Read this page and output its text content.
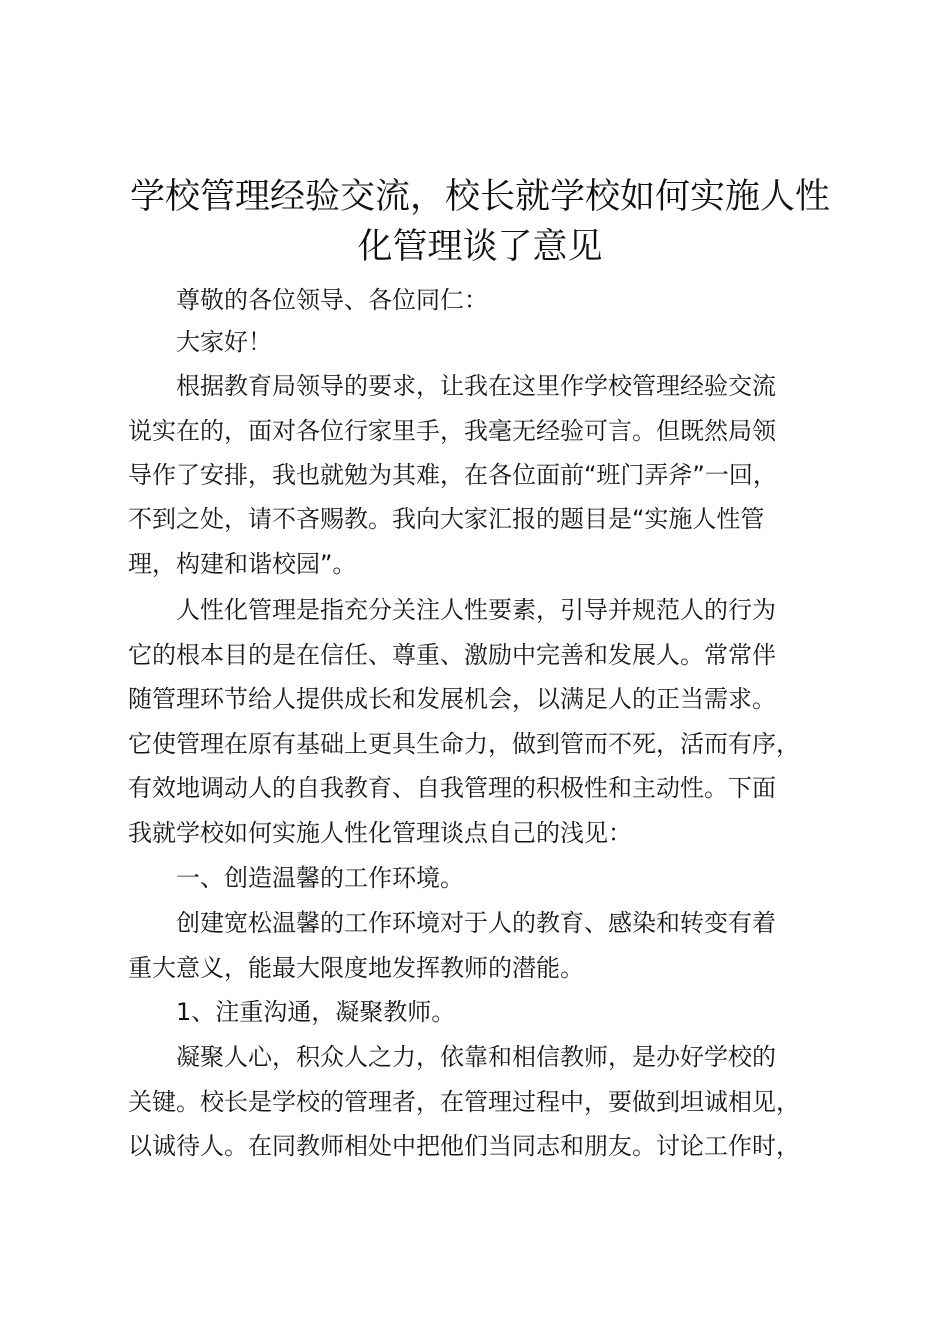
学校管理经验交流，校长就学校如何实施人性
化管理谈了意见
尊敬的各位领导、各位同仁：
大家好！
根据教育局领导的要求，让我在这里作学校管理经验交流
说实在的，面对各位行家里手，我毫无经验可言。但既然局领
导作了安排，我也就勉为其难，在各位面前“班门弄斧”一回，
不到之处，请不吝赐教。我向大家汇报的题目是“实施人性管
理，构建和谐校园”。
人性化管理是指充分关注人性要素，引导并规范人的行为
它的根本目的是在信任、尊重、激励中完善和发展人。常常伴
随管理环节给人提供成长和发展机会，以满足人的正当需求。
它使管理在原有基础上更具生命力，做到管而不死，活而有序，
有效地调动人的自我教育、自我管理的积极性和主动性。下面
我就学校如何实施人性化管理谈点自己的浅见：
一、创造温馨的工作环境。
创建宽松温馨的工作环境对于人的教育、感染和转变有着
重大意义，能最大限度地发挥教师的潜能。
1、注重沟通，凝聚教师。
凝聚人心，积众人之力，依靠和相信教师，是办好学校的
关键。校长是学校的管理者，在管理过程中，要做到坦诚相见，
以诚待人。在同教师相处中把他们当同志和朋友。讨论工作时，
